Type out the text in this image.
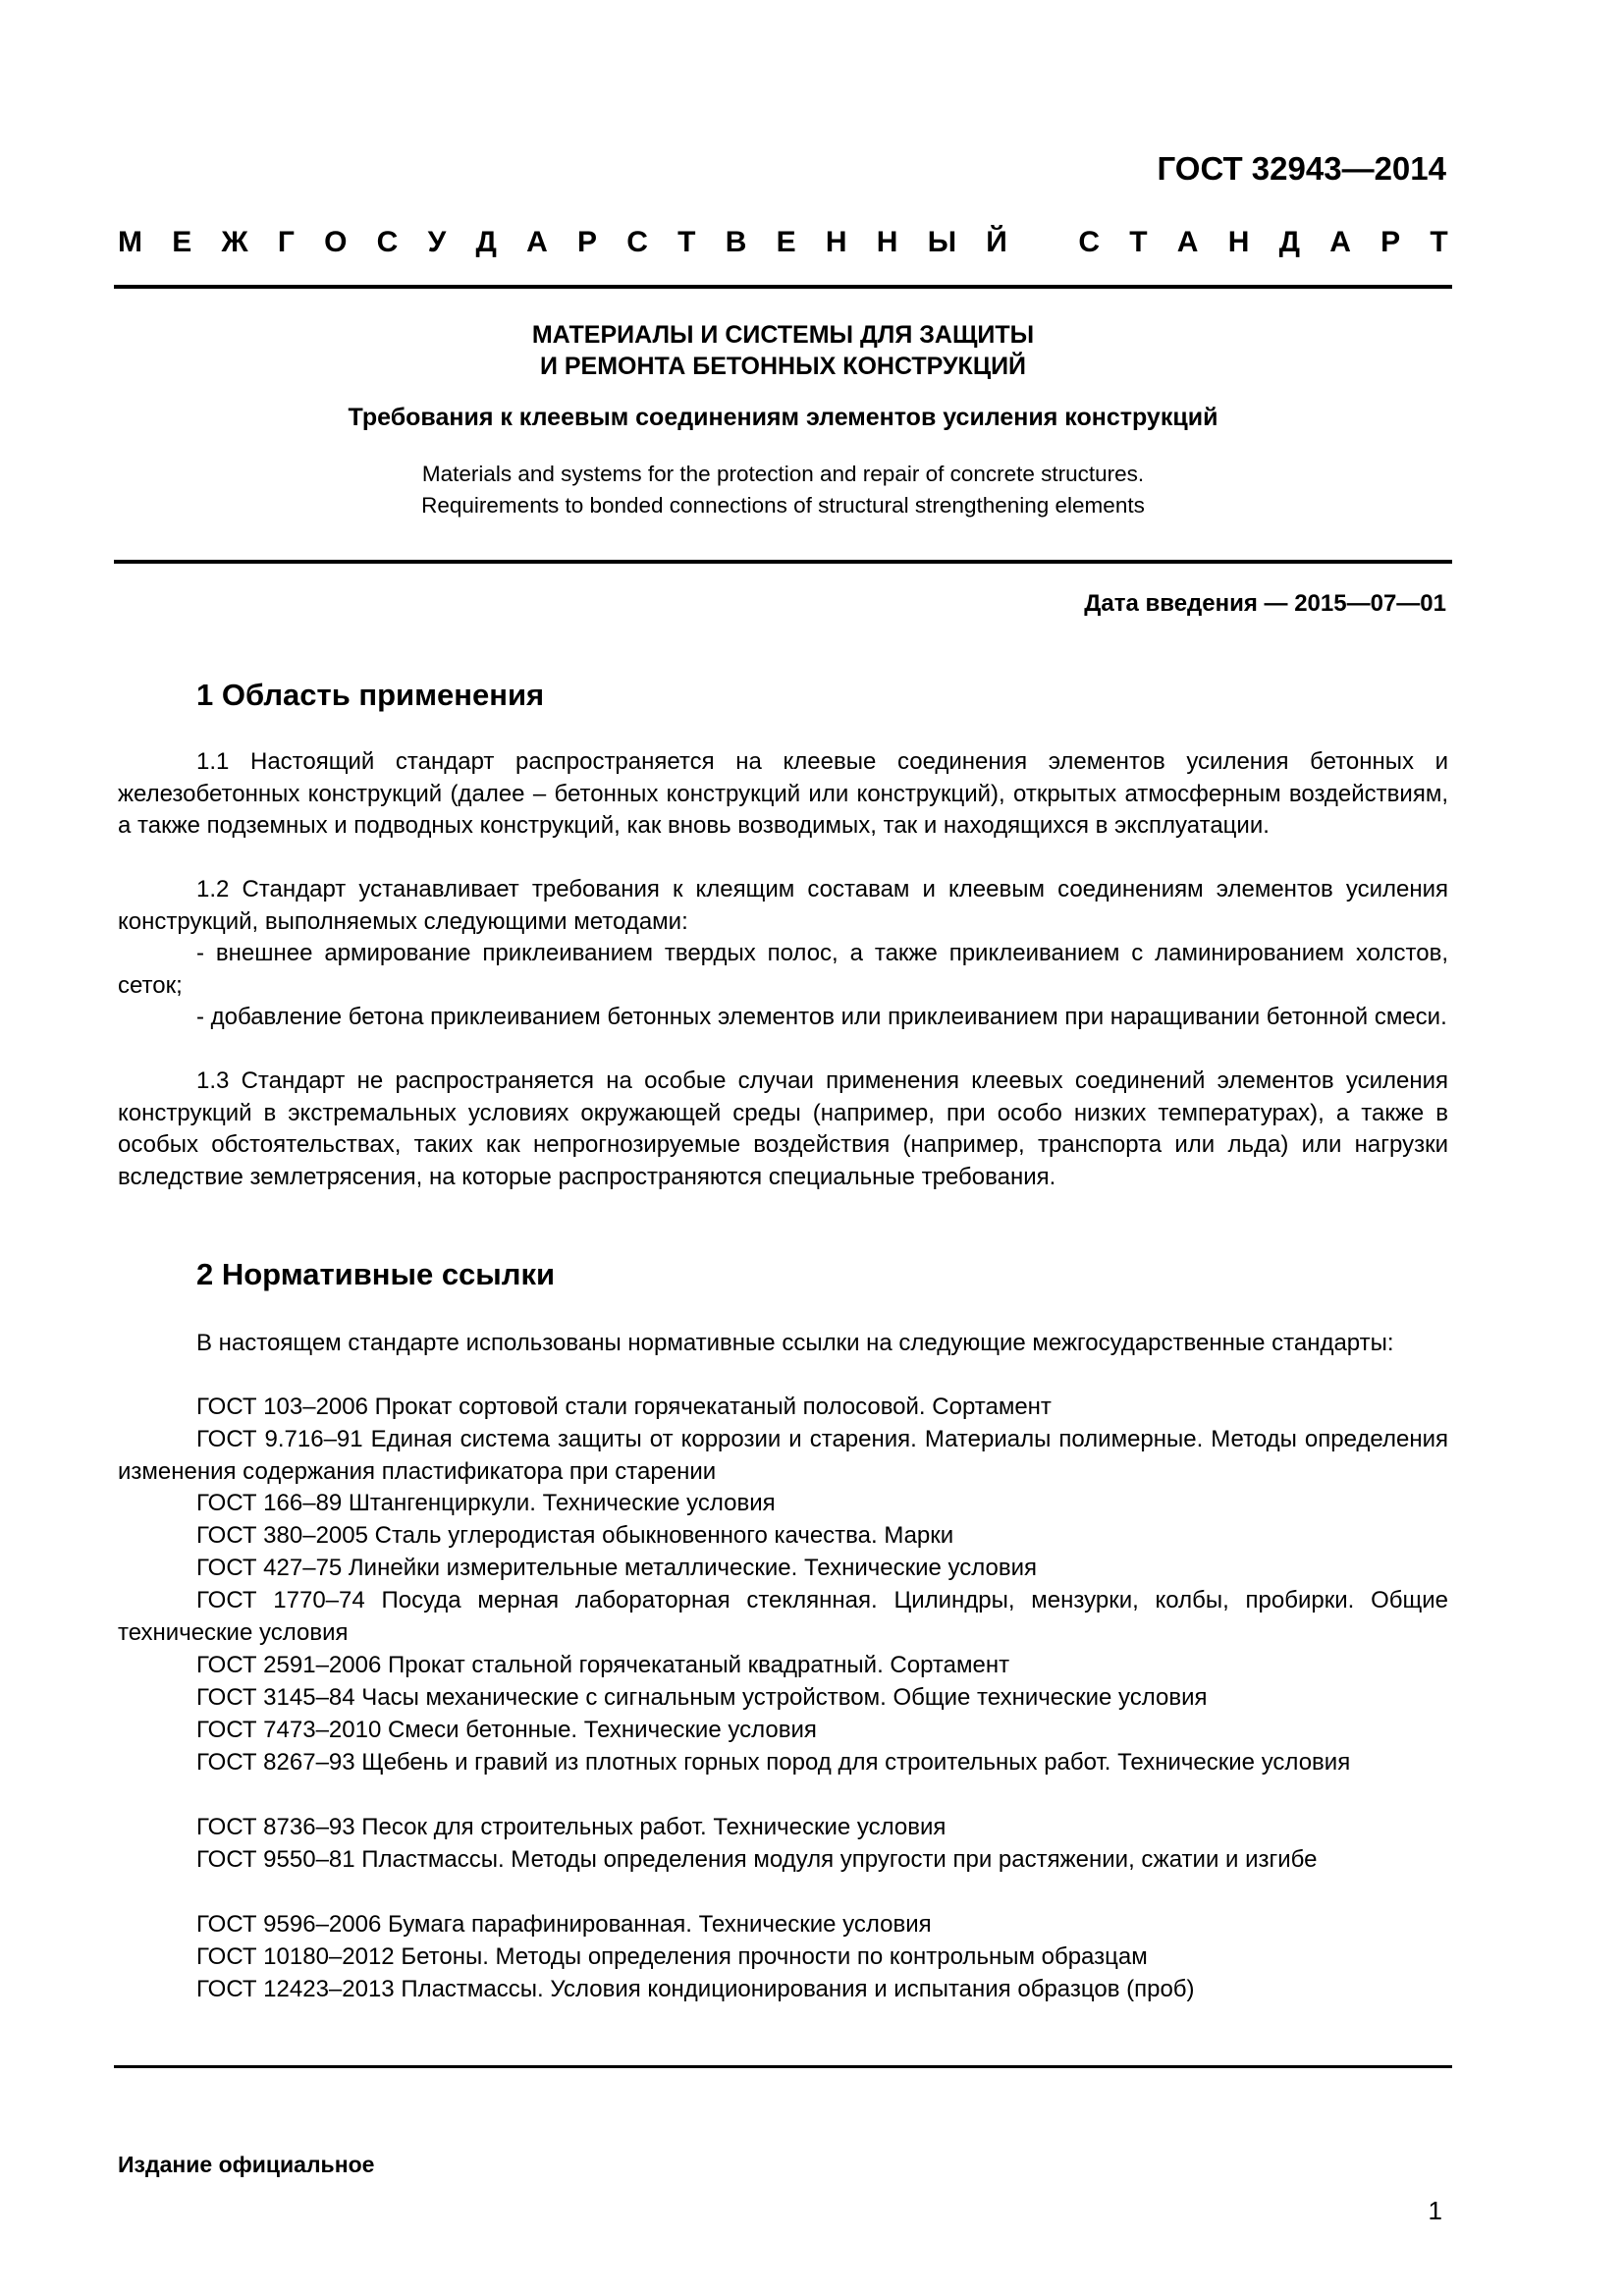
ГОСТ 32943—2014
М Е Ж Г О С У Д А Р С Т В Е Н Н Ы Й С Т А Н Д А Р Т
МАТЕРИАЛЫ И СИСТЕМЫ ДЛЯ ЗАЩИТЫ
И РЕМОНТА БЕТОННЫХ КОНСТРУКЦИЙ
Требования к клеевым соединениям элементов усиления конструкций
Materials and systems for the protection and repair of concrete structures.
Requirements to bonded connections of structural strengthening elements
Дата введения — 2015—07—01
1 Область применения

1.1 Настоящий стандарт распространяется на клеевые соединения элементов усиления бетонных и железобетонных конструкций (далее – бетонных конструкций или конструкций), открытых атмосферным воздействиям, а также подземных и подводных конструкций, как вновь возводимых, так и находящихся в эксплуатации.

1.2 Стандарт устанавливает требования к клеящим составам и клеевым соединениям элементов усиления конструкций, выполняемых следующими методами:

- внешнее армирование приклеиванием твердых полос, а также приклеиванием с ламинированием холстов, сеток;

- добавление бетона приклеиванием бетонных элементов или приклеиванием при наращивании бетонной смеси.

1.3 Стандарт не распространяется на особые случаи применения клеевых соединений элементов усиления конструкций в экстремальных условиях окружающей среды (например, при особо низких температурах), а также в особых обстоятельствах, таких как непрогнозируемые воздействия (например, транспорта или льда) или нагрузки вследствие землетрясения, на которые распространяются специальные требования.

2 Нормативные ссылки

В настоящем стандарте использованы нормативные ссылки на следующие межгосударственные стандарты:

ГОСТ 103–2006 Прокат сортовой стали горячекатаный полосовой. Сортамент

ГОСТ 9.716–91 Единая система защиты от коррозии и старения. Материалы полимерные. Методы определения изменения содержания пластификатора при старении

ГОСТ 166–89 Штангенциркули. Технические условия

ГОСТ 380–2005 Сталь углеродистая обыкновенного качества. Марки

ГОСТ 427–75 Линейки измерительные металлические. Технические условия

ГОСТ 1770–74 Посуда мерная лабораторная стеклянная. Цилиндры, мензурки, колбы, пробирки. Общие технические условия

ГОСТ 2591–2006 Прокат стальной горячекатаный квадратный. Сортамент

ГОСТ 3145–84 Часы механические с сигнальным устройством. Общие технические условия

ГОСТ 7473–2010 Смеси бетонные. Технические условия

ГОСТ 8267–93 Щебень и гравий из плотных горных пород для строительных работ. Технические условия

ГОСТ 8736–93 Песок для строительных работ. Технические условия

ГОСТ 9550–81 Пластмассы. Методы определения модуля упругости при растяжении, сжатии и изгибе

ГОСТ 9596–2006 Бумага парафинированная. Технические условия

ГОСТ 10180–2012 Бетоны. Методы определения прочности по контрольным образцам

ГОСТ 12423–2013 Пластмассы. Условия кондиционирования и испытания образцов (проб)

Издание официальное
1
